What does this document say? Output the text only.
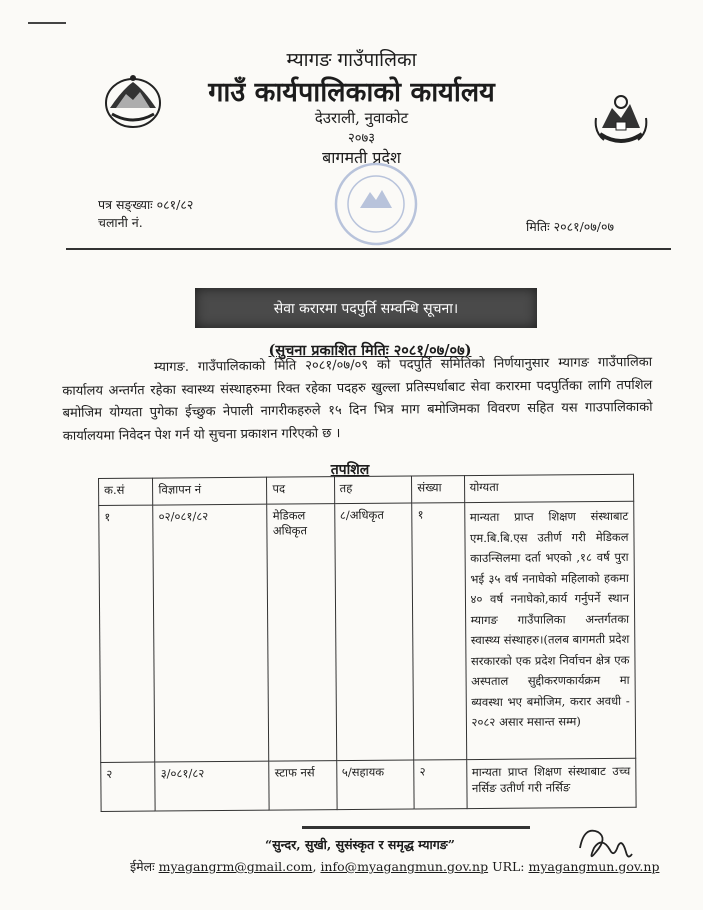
म्यागङ गाउँपालिका
गाउँ कार्यपालिकाको कार्यालय
देउराली, नुवाकोट
२०७३
बागमती प्रदेश
पत्र सङ्ख्याः ०८१/८२
चलानी नं.	मितिः २०८१/०७/०७
सेवा करारमा पदपुर्ति सम्वन्धि सूचना।
(सुचना प्रकाशित मितिः २०८१/०७/०७)
म्यागङ. गाउँपालिकाको मिति २०८१/०७/०९ को पदपुर्ति समितिको निर्णयानुसार म्यागङ गाउँपालिका कार्यालय अन्तर्गत रहेका स्वास्थ्य संस्थाहरुमा रिक्त रहेका पदहरु खुल्ला प्रतिस्पर्धाबाट सेवा करारमा पदपुर्तिका लागि तपशिल बमोजिम योग्यता पुगेका ईच्छुक नेपाली नागरीकहरुले १५ दिन भित्र माग बमोजिमका विवरण सहित यस गाउपालिकाको कार्यालयमा निवेदन पेश गर्न यो सुचना प्रकाशन गरिएको छ ।
तपशिल
क.सं	विज्ञापन नं	पद	तह	संख्या	योग्यता
१	०२/०८१/८२	मेडिकल अधिकृत	८/अधिकृत	१	मान्यता प्राप्त शिक्षण संस्थाबाट एम.बि.बि.एस उतीर्ण गरी मेडिकल काउन्सिलमा दर्ता भएको ,१८ वर्ष पुरा भई ३५ वर्ष ननाघेको महिलाको हकमा ४० वर्ष ननाघेको,कार्य गर्नुपर्ने स्थान म्यागङ गाउँपालिका अन्तर्गतका स्वास्थ्य संस्थाहरु।(तलब बागमती प्रदेश सरकारको एक प्रदेश निर्वाचन क्षेत्र एक अस्पताल सुद्दीकरणकार्यक्रम मा ब्यवस्था भए बमोजिम, करार अवधी - २०८२ असार मसान्त सम्म)
२	३/०८१/८२	स्टाफ नर्स	५/सहायक	२	मान्यता प्राप्त शिक्षण संस्थाबाट उच्च नर्सिङ उतीर्ण गरी नर्सिङ
“सुन्दर, सुखी, सुसंस्कृत र समृद्ध म्यागङ”
ईमेलः myagangrm@gmail.com, info@myagangmun.gov.np URL: myagangmun.gov.np
